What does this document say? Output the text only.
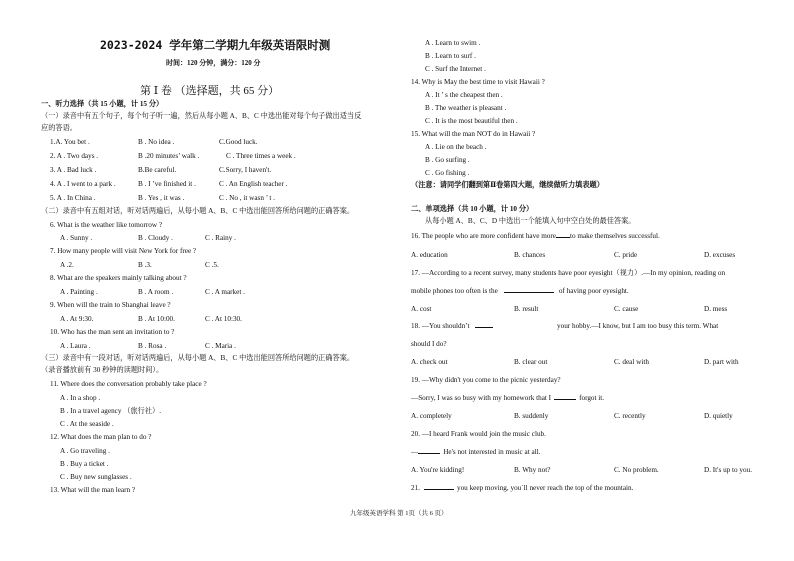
2023-2024 学年第二学期九年级英语限时测
时间：120 分钟，满分：120 分
第 Ⅰ 卷 （选择题，共 65 分）
一、听力选择（共 15 小题，计 15 分）
（一）录音中有五个句子，每个句子听一遍，然后从每小题 A、B、C 中选出能对每个句子做出适当反
应的答语。
1.A. You bet .	B . No idea .	C.Good luck.
2. A . Two days .	B .20 minutes’ walk .	C . Three times a week .
3. A . Bad luck .	B.Be careful.	C.Sorry, I haven't.
4. A . I went to a park .	B . I ’ve finished it .	C . An English teacher .
5. A . In China .	B . Yes , it was .	C . No , it wasn ’ t .
（二）录音中有五组对话，听对话两遍后，从每小题 A、B、C 中选出能回答所给问题的正确答案。
6. What is the weather like tomorrow ?
A . Sunny .	B . Cloudy .	C . Rainy .
7. How many people will visit New York for free ?
A .2.	B .3.	C .5.
8. What are the speakers mainly talking about ?
A . Painting .	B . A room .	C . A market .
9. When will the train to Shanghai leave ?
A . At 9:30.	B . At 10:00.	C . At 10:30.
10. Who has the man sent an invitation to ?
A . Laura .	B . Rosa .	C . Maria .
（三）录音中有一段对话，听对话两遍后，从每小题 A、B、C 中选出能回答所给问题的正确答案。
（录音播放前有 30 秒钟的读题时间）。
11. Where does the conversation probably take place ?
A . In a shop .
B . In a travel agency （旅行社）.
C . At the seaside .
12. What does the man plan to do ?
A . Go traveling .
B . Buy a ticket .
C . Buy new sunglasses .
13. What will the man learn ?
A . Learn to swim .
B . Learn to surf .
C . Surf the Internet .
14. Why is May the best time to visit Hawaii ?
A . It ’ s the cheapest then .
B . The weather is pleasant .
C . It is the most beautiful then .
15. What will the man NOT do in Hawaii ?
A . Lie on the beach .
B . Go surfing .
C . Go fishing .
（注意：请同学们翻到第Ⅱ卷第四大题，继续做听力填表题）
二、单项选择（共 10 小题，计 10 分）
从每小题 A、B、C、D 中选出一个能填入句中空白处的最佳答案。
16. The people who are more confident have more to make themselves successful.
A. education	B. chances	C. pride	D. excuses
17. —According to a recent survey, many students have poor eyesight（视力）.—In my opinion, reading on
mobile phones too often is the	of having poor eyesight.
A. cost	B. result	C. cause	D. mess
18. —You shouldn’t	your hobby.—I know, but I am too busy this term. What
should I do?
A. check out	B. clear out	C. deal with	D. part with
19. —Why didn't you come to the picnic yesterday?
—Sorry, I was so busy with my homework that I	forgot it.
A. completely	B. suddenly	C. recently	D. quietly
20. —I heard Frank would join the music club.
—	He's not interested in music at all.
A. You're kidding!	B. Why not?	C. No problem.	D. It's up to you.
21.	you keep moving, you`ll never reach the top of the mountain.
九年级英语学科 第 1页（共 6 页）
